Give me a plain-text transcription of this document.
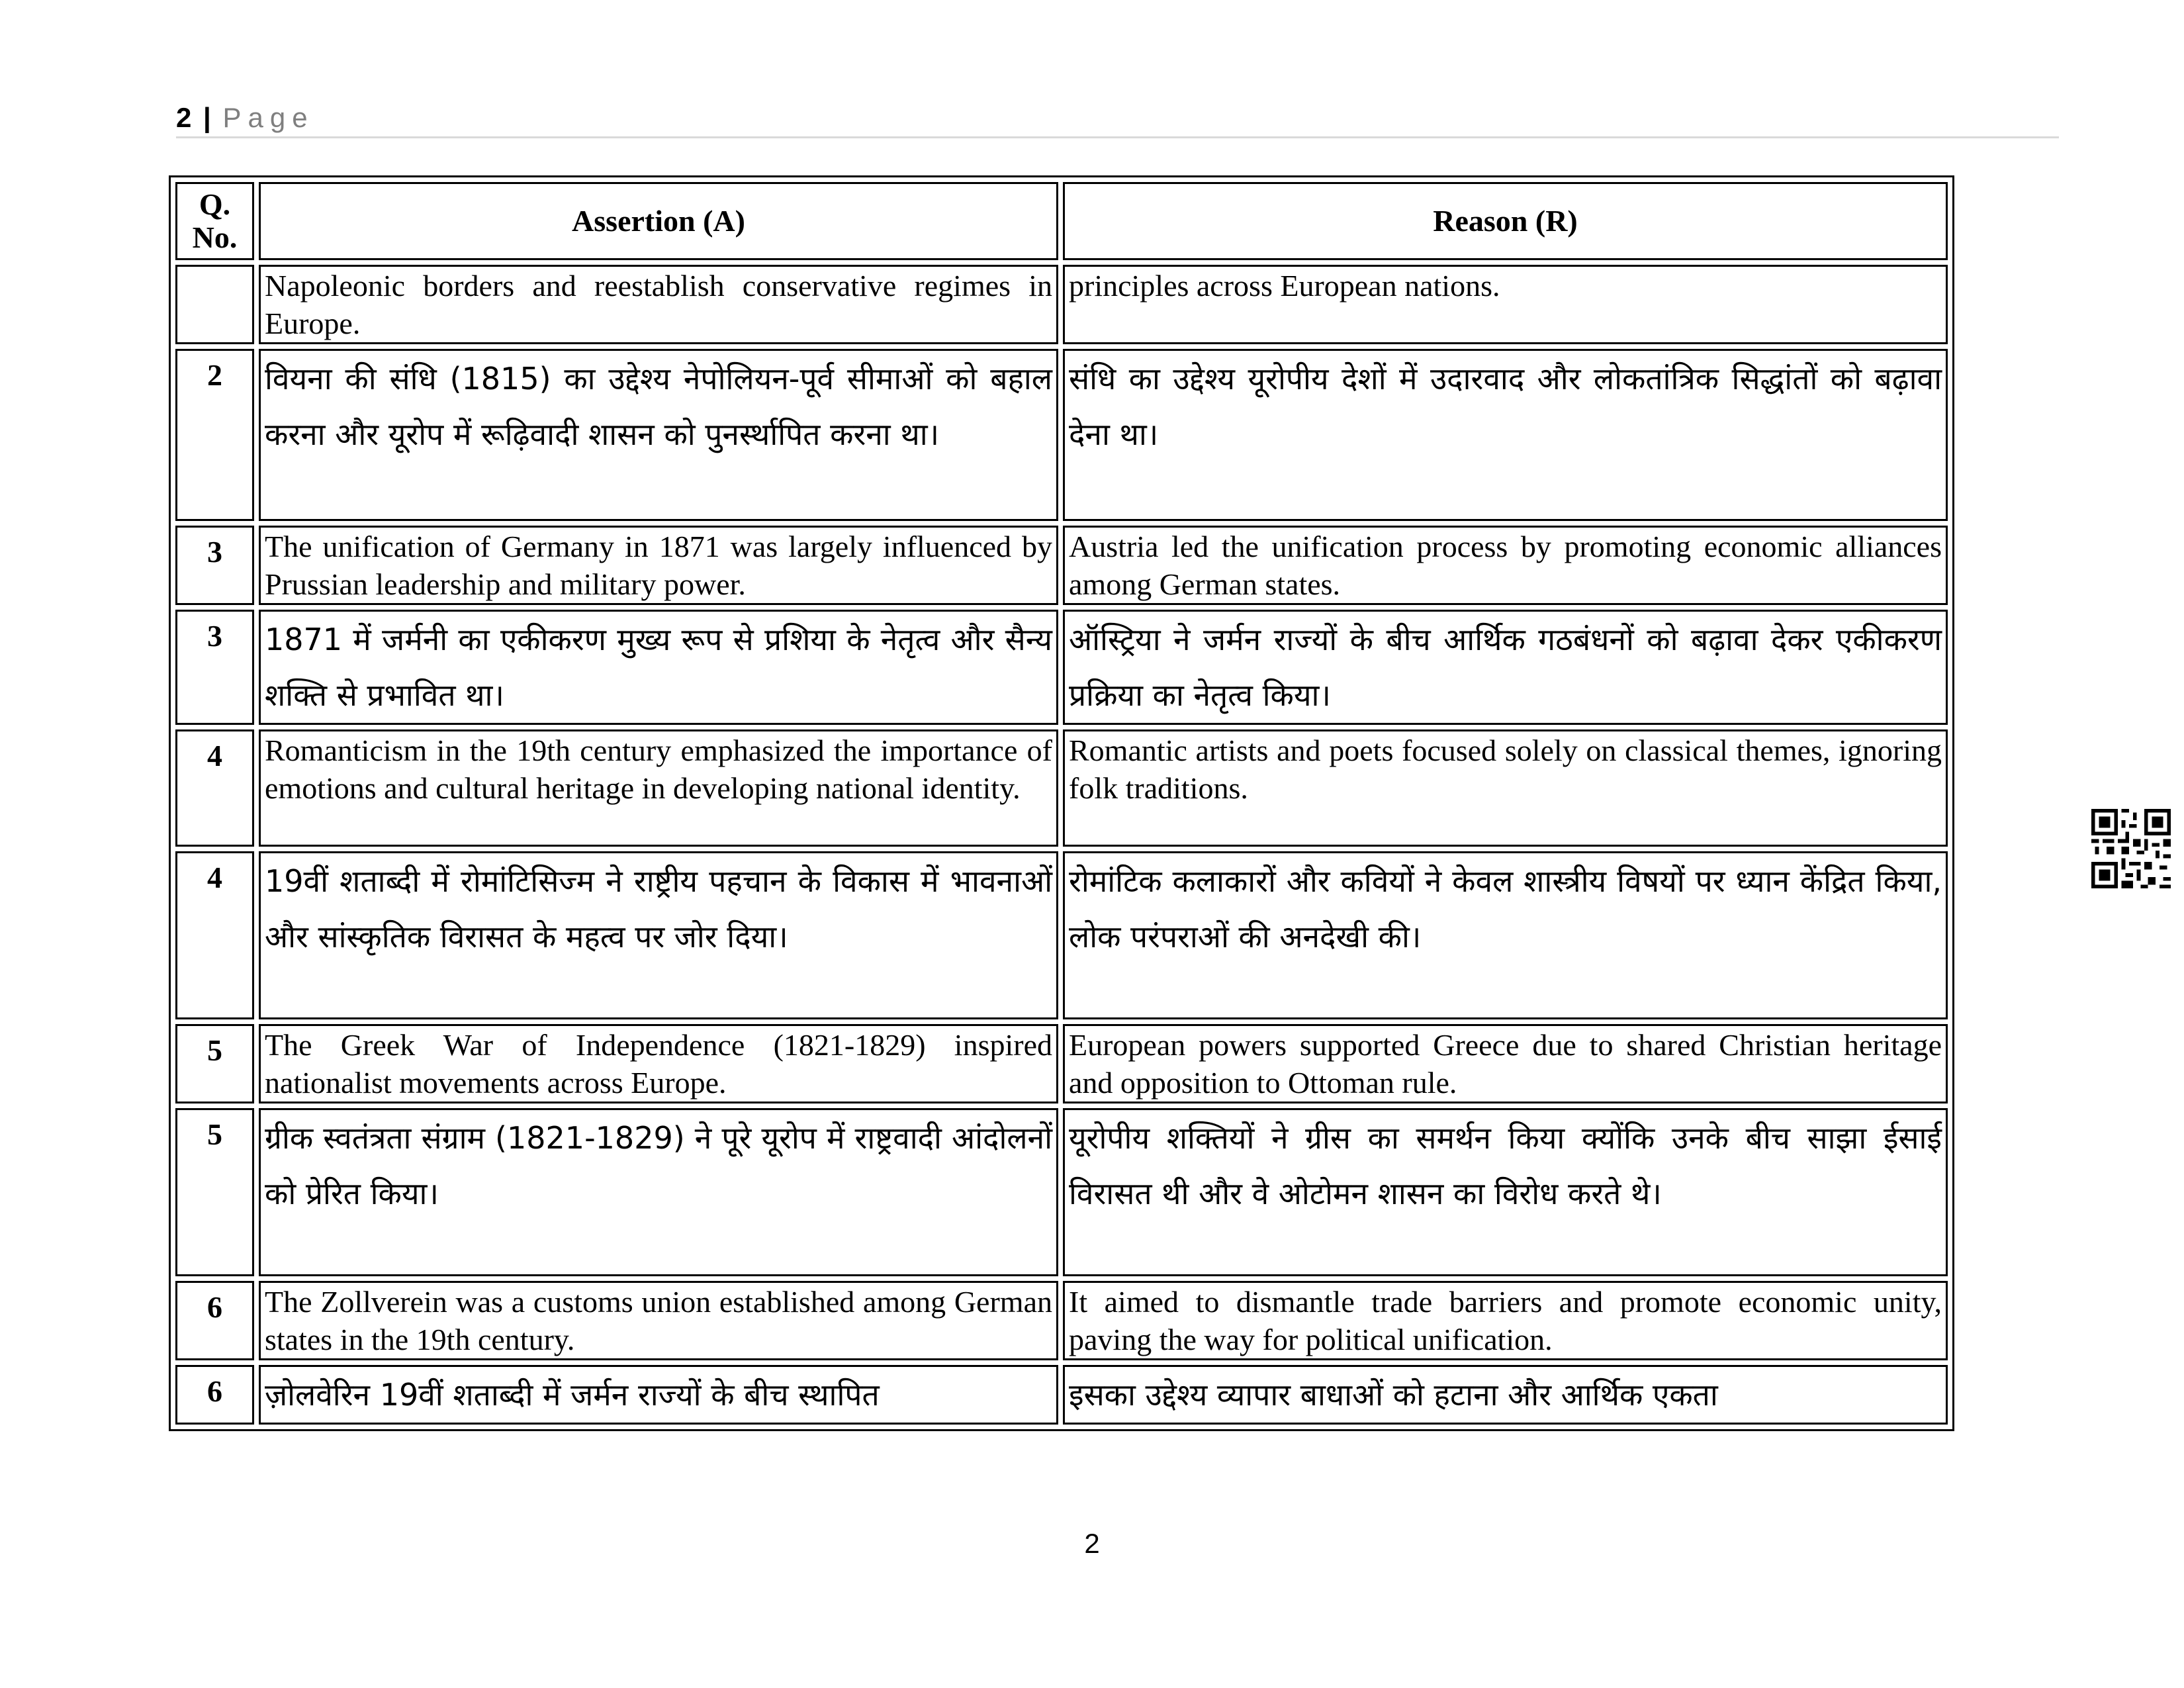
2 | Page
Q. No.	Assertion (A)	Reason (R)
	Napoleonic borders and reestablish conservative regimes in Europe.	principles across European nations.
2	वियना की संधि (1815) का उद्देश्य नेपोलियन-पूर्व सीमाओं को बहाल करना और यूरोप में रूढ़िवादी शासन को पुनर्स्थापित करना था।	संधि का उद्देश्य यूरोपीय देशों में उदारवाद और लोकतांत्रिक सिद्धांतों को बढ़ावा देना था।
3	The unification of Germany in 1871 was largely influenced by Prussian leadership and military power.	Austria led the unification process by promoting economic alliances among German states.
3	1871 में जर्मनी का एकीकरण मुख्य रूप से प्रशिया के नेतृत्व और सैन्य शक्ति से प्रभावित था।	ऑस्ट्रिया ने जर्मन राज्यों के बीच आर्थिक गठबंधनों को बढ़ावा देकर एकीकरण प्रक्रिया का नेतृत्व किया।
4	Romanticism in the 19th century emphasized the importance of emotions and cultural heritage in developing national identity.	Romantic artists and poets focused solely on classical themes, ignoring folk traditions.
4	19वीं शताब्दी में रोमांटिसिज्म ने राष्ट्रीय पहचान के विकास में भावनाओं और सांस्कृतिक विरासत के महत्व पर जोर दिया।	रोमांटिक कलाकारों और कवियों ने केवल शास्त्रीय विषयों पर ध्यान केंद्रित किया, लोक परंपराओं की अनदेखी की।
5	The Greek War of Independence (1821-1829) inspired nationalist movements across Europe.	European powers supported Greece due to shared Christian heritage and opposition to Ottoman rule.
5	ग्रीक स्वतंत्रता संग्राम (1821-1829) ने पूरे यूरोप में राष्ट्रवादी आंदोलनों को प्रेरित किया।	यूरोपीय शक्तियों ने ग्रीस का समर्थन किया क्योंकि उनके बीच साझा ईसाई विरासत थी और वे ओटोमन शासन का विरोध करते थे।
6	The Zollverein was a customs union established among German states in the 19th century.	It aimed to dismantle trade barriers and promote economic unity, paving the way for political unification.
6	ज़ोलवेरिन 19वीं शताब्दी में जर्मन राज्यों के बीच स्थापित	इसका उद्देश्य व्यापार बाधाओं को हटाना और आर्थिक एकता
2
